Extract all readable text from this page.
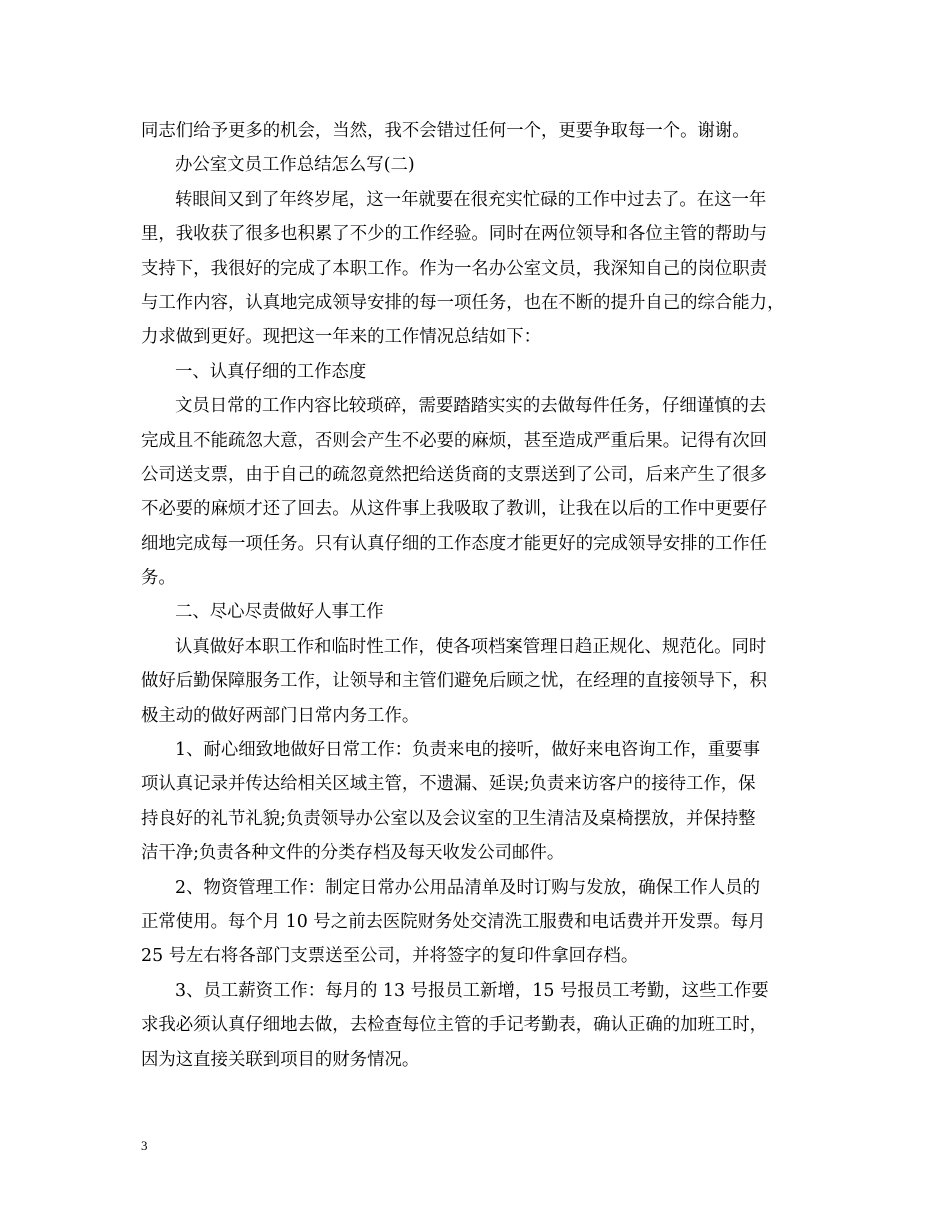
同志们给予更多的机会，当然，我不会错过任何一个，更要争取每一个。谢谢。
办公室文员工作总结怎么写(二)
转眼间又到了年终岁尾，这一年就要在很充实忙碌的工作中过去了。在这一年
里，我收获了很多也积累了不少的工作经验。同时在两位领导和各位主管的帮助与
支持下，我很好的完成了本职工作。作为一名办公室文员，我深知自己的岗位职责
与工作内容，认真地完成领导安排的每一项任务，也在不断的提升自己的综合能力，
力求做到更好。现把这一年来的工作情况总结如下：
一、认真仔细的工作态度
文员日常的工作内容比较琐碎，需要踏踏实实的去做每件任务，仔细谨慎的去
完成且不能疏忽大意，否则会产生不必要的麻烦，甚至造成严重后果。记得有次回
公司送支票，由于自己的疏忽竟然把给送货商的支票送到了公司，后来产生了很多
不必要的麻烦才还了回去。从这件事上我吸取了教训，让我在以后的工作中更要仔
细地完成每一项任务。只有认真仔细的工作态度才能更好的完成领导安排的工作任
务。
二、尽心尽责做好人事工作
认真做好本职工作和临时性工作，使各项档案管理日趋正规化、规范化。同时
做好后勤保障服务工作，让领导和主管们避免后顾之忧，在经理的直接领导下，积
极主动的做好两部门日常内务工作。
1、耐心细致地做好日常工作：负责来电的接听，做好来电咨询工作，重要事
项认真记录并传达给相关区域主管，不遗漏、延误;负责来访客户的接待工作，保
持良好的礼节礼貌;负责领导办公室以及会议室的卫生清洁及桌椅摆放，并保持整
洁干净;负责各种文件的分类存档及每天收发公司邮件。
2、物资管理工作：制定日常办公用品清单及时订购与发放，确保工作人员的
正常使用。每个月 10 号之前去医院财务处交清洗工服费和电话费并开发票。每月
25 号左右将各部门支票送至公司，并将签字的复印件拿回存档。
3、员工薪资工作：每月的 13 号报员工新增，15 号报员工考勤，这些工作要
求我必须认真仔细地去做，去检查每位主管的手记考勤表，确认正确的加班工时，
因为这直接关联到项目的财务情况。
3
